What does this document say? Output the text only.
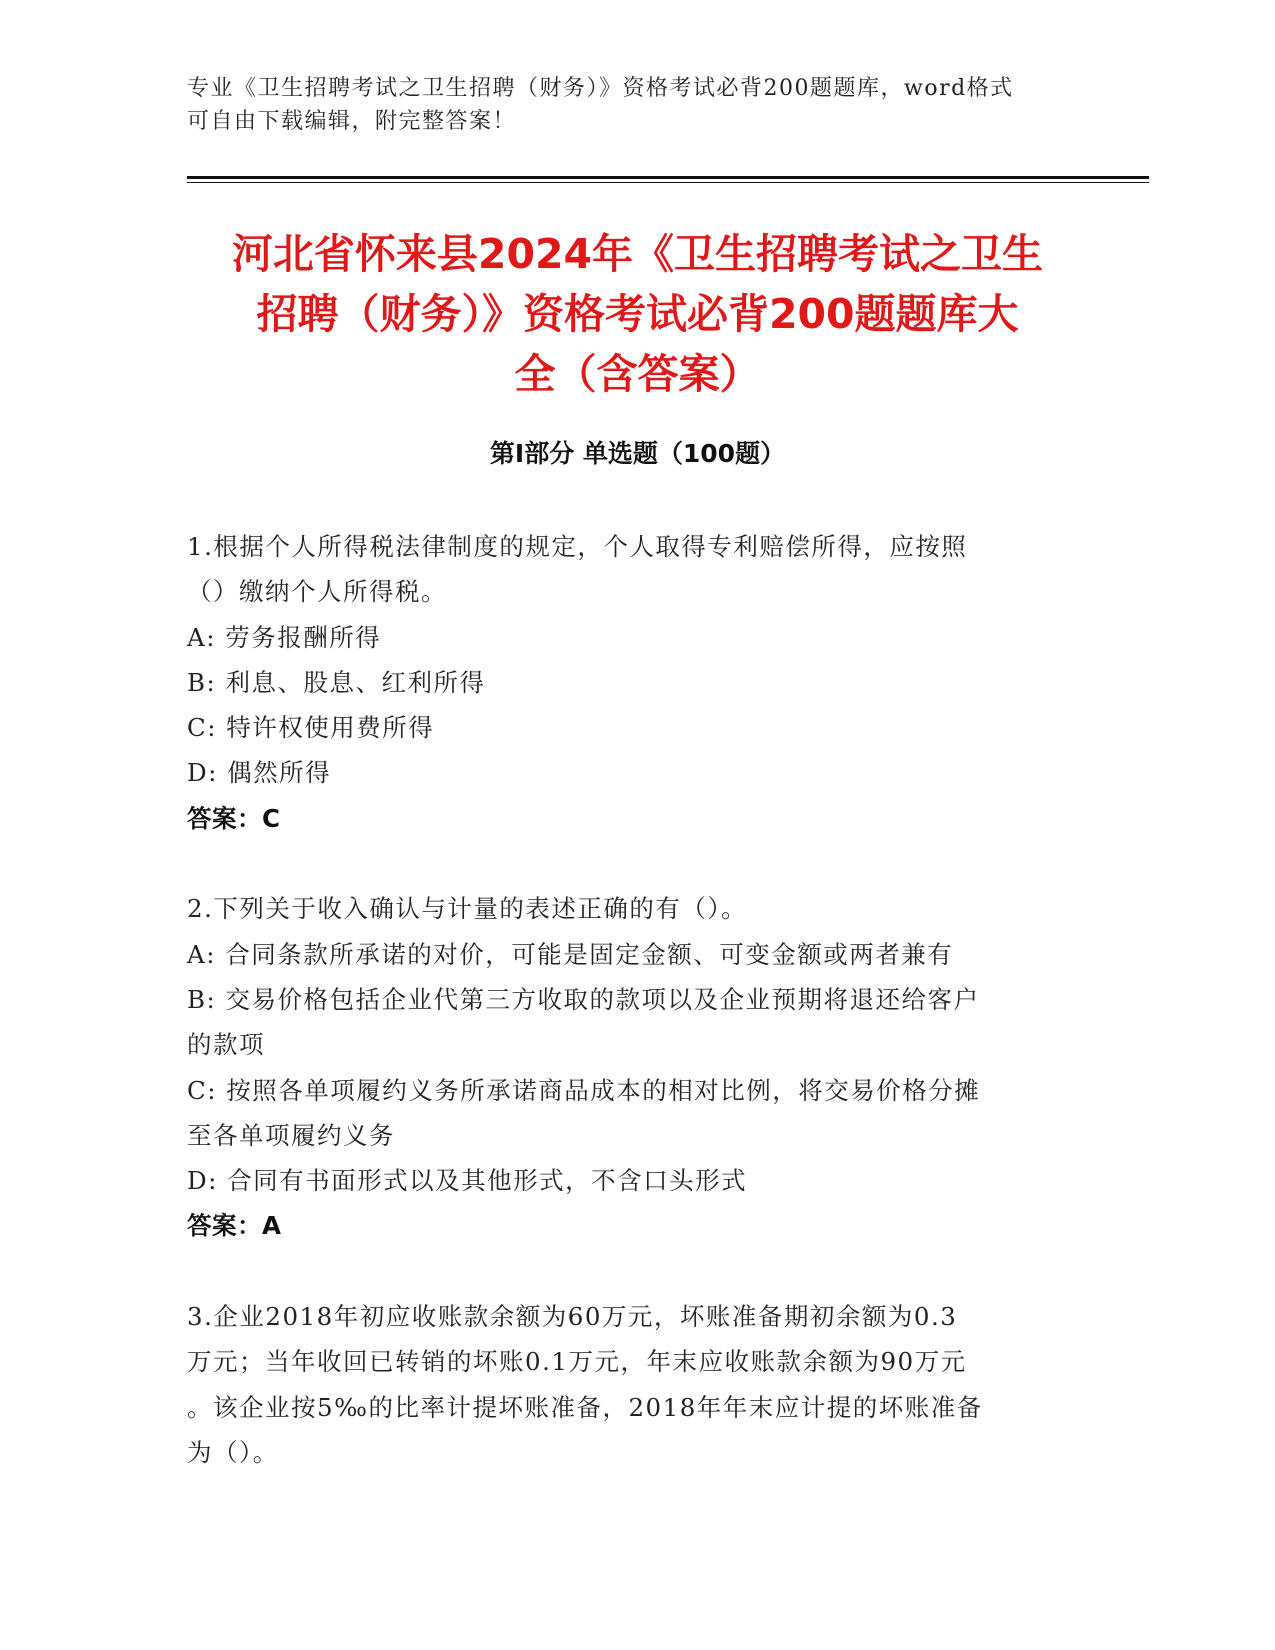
专业《卫生招聘考试之卫生招聘（财务）》资格考试必背200题题库，word格式
可自由下载编辑，附完整答案！
河北省怀来县2024年《卫生招聘考试之卫生
招聘（财务）》资格考试必背200题题库大
全（含答案）
第Ⅰ部分 单选题（100题）
1.根据个人所得税法律制度的规定，个人取得专利赔偿所得，应按照
（）缴纳个人所得税。
A: 劳务报酬所得
B: 利息、股息、红利所得
C: 特许权使用费所得
D: 偶然所得
答案：C
2.下列关于收入确认与计量的表述正确的有（）。
A: 合同条款所承诺的对价，可能是固定金额、可变金额或两者兼有
B: 交易价格包括企业代第三方收取的款项以及企业预期将退还给客户
的款项
C: 按照各单项履约义务所承诺商品成本的相对比例，将交易价格分摊
至各单项履约义务
D: 合同有书面形式以及其他形式，不含口头形式
答案：A
3.企业2018年初应收账款余额为60万元，坏账准备期初余额为0.3
万元；当年收回已转销的坏账0.1万元，年末应收账款余额为90万元
。该企业按5‰的比率计提坏账准备，2018年年末应计提的坏账准备
为（）。
